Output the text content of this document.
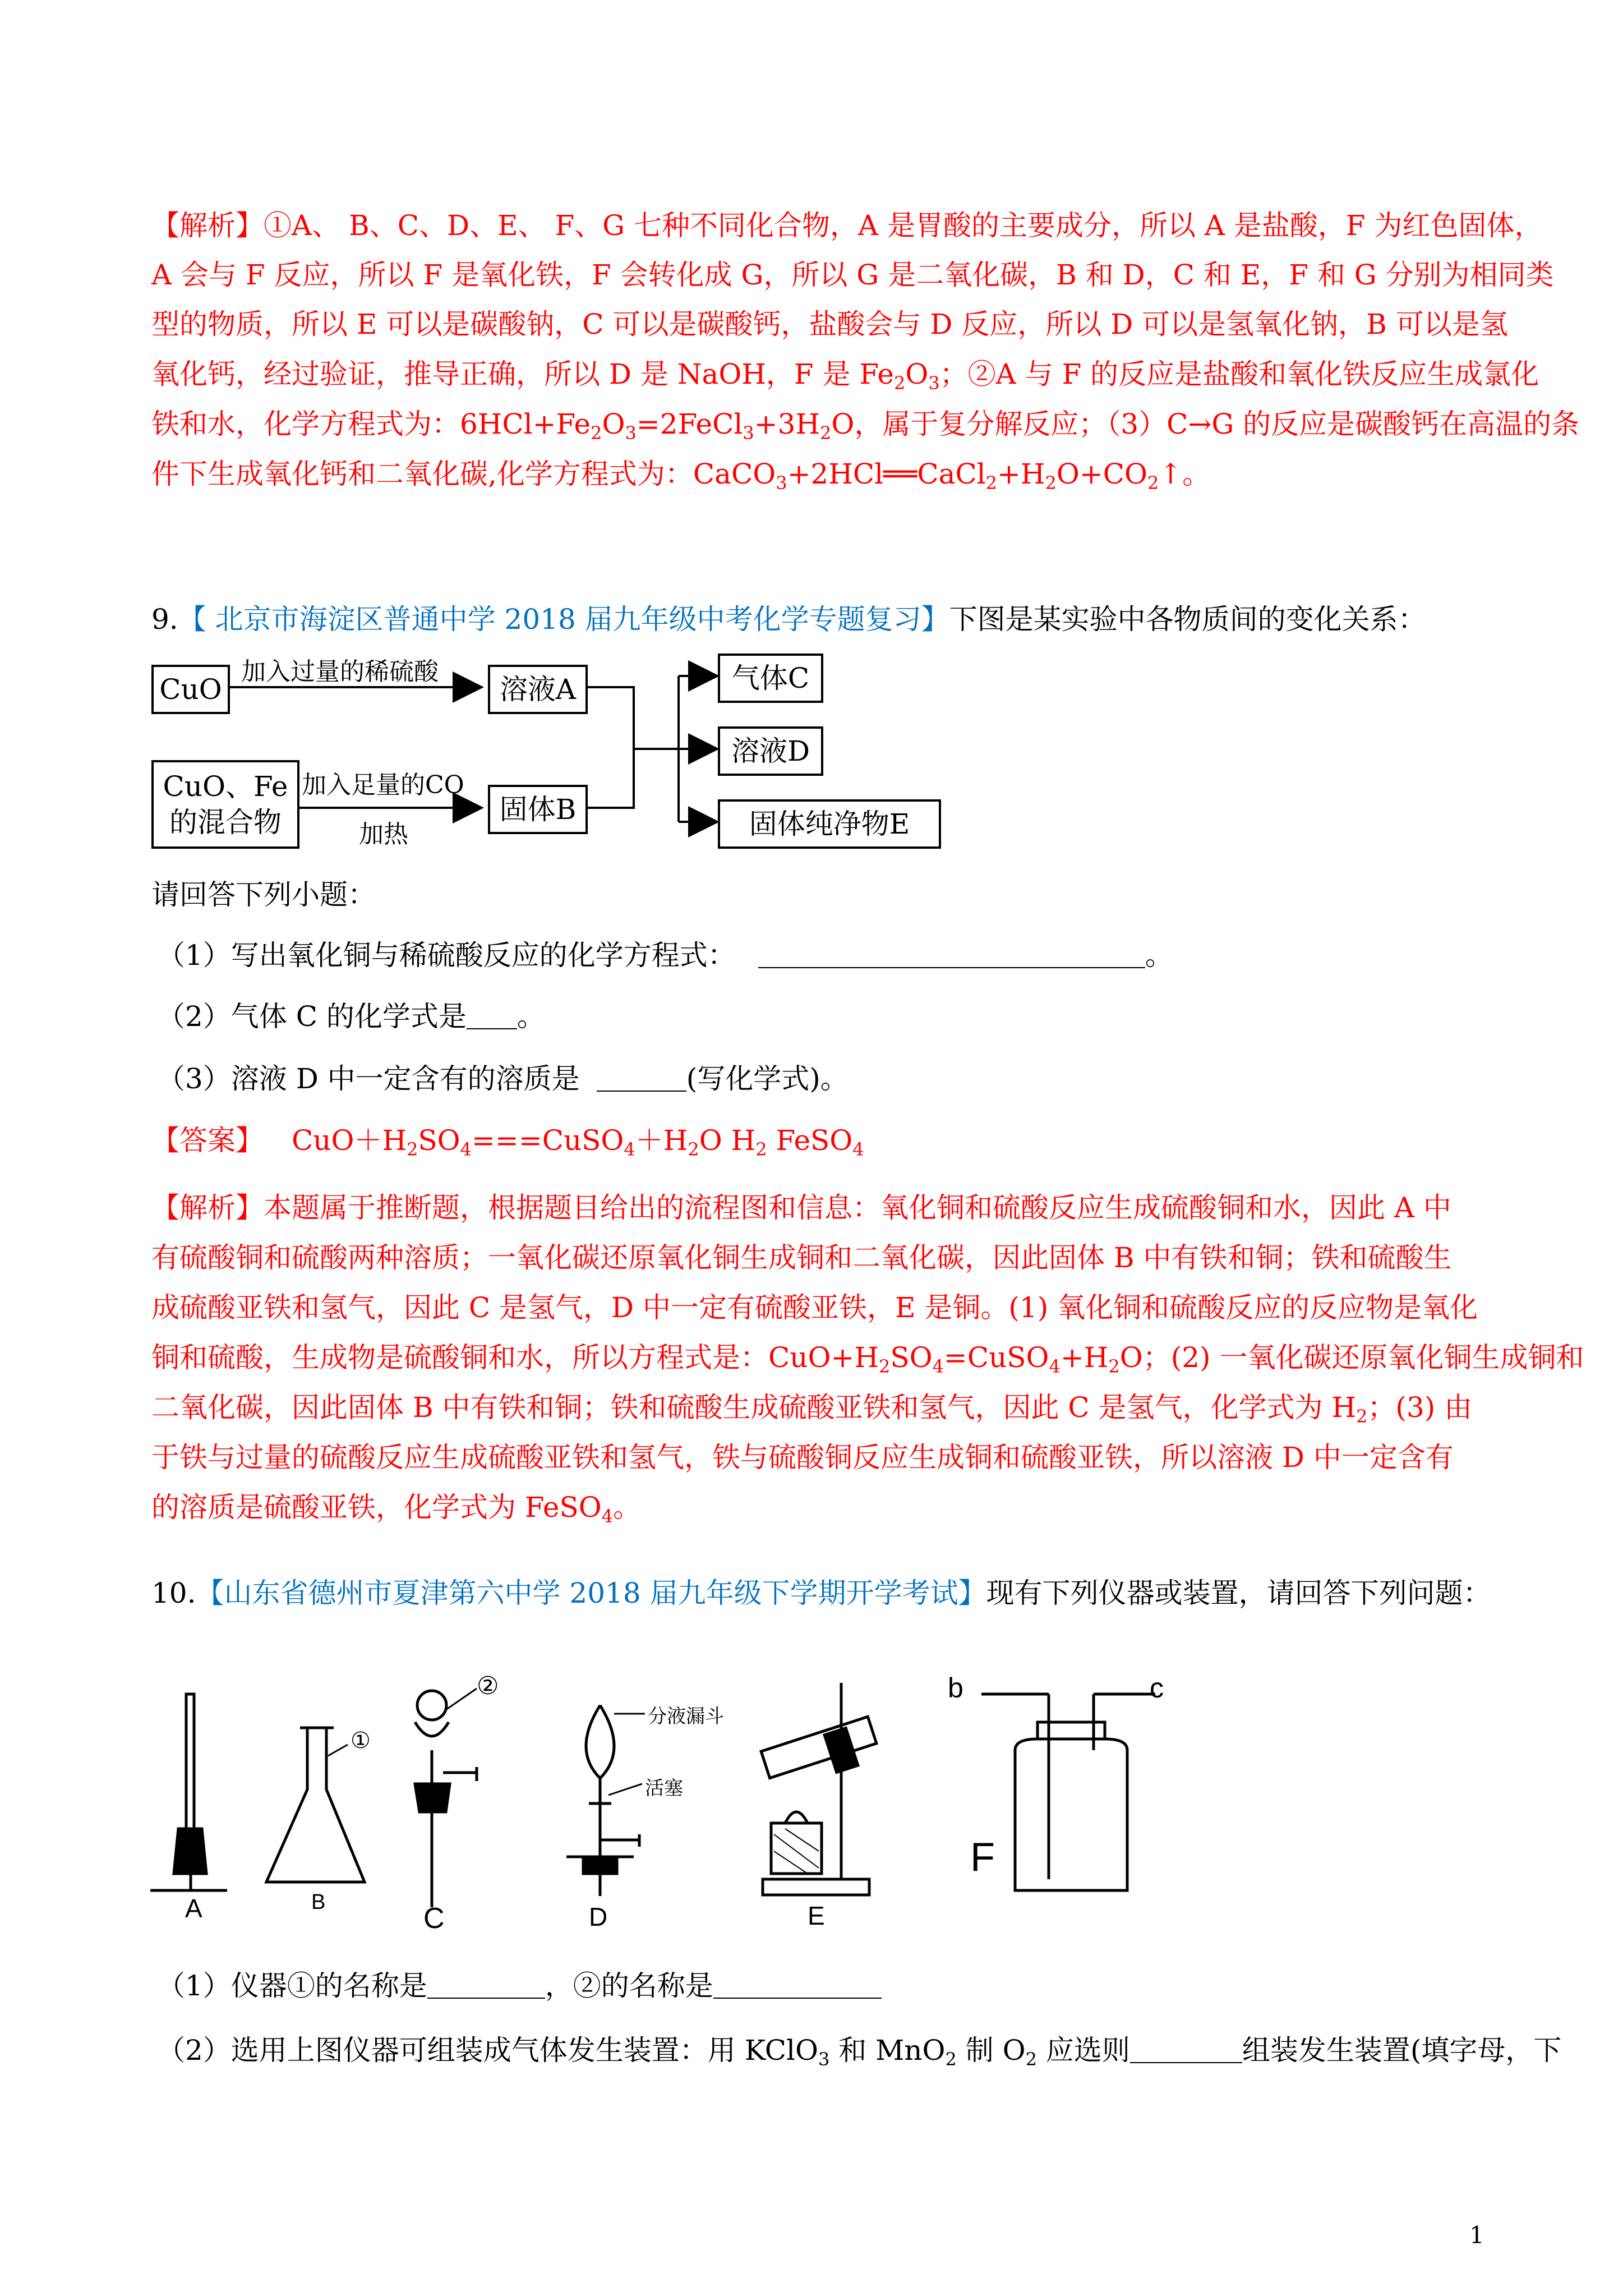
【解析】①A、 B、C、D、E、 F、G 七种不同化合物，A 是胃酸的主要成分，所以 A 是盐酸，F 为红色固体，
A 会与 F 反应，所以 F 是氧化铁，F 会转化成 G，所以 G 是二氧化碳，B 和 D，C 和 E，F 和 G 分别为相同类
型的物质，所以 E 可以是碳酸钠，C 可以是碳酸钙，盐酸会与 D 反应，所以 D 可以是氢氧化钠，B 可以是氢
氧化钙，经过验证，推导正确，所以 D 是 NaOH，F 是 $Fe_2O_3$；②A 与 F 的反应是盐酸和氧化铁反应生成氯化
铁和水，化学方程式为：$6HCl+Fe_2O_3=2FeCl_3+3H_2O$，属于复分解反应；（3）C→G 的反应是碳酸钙在高温的条
件下生成氧化钙和二氧化碳,化学方程式为：$CaCO_3+2HCl══CaCl_2+H_2O+CO_2↑$。
9.【 北京市海淀区普通中学 2018 届九年级中考化学专题复习】下图是某实验中各物质间的变化关系：
CuO
加入过量的稀硫酸
溶液A
CuO、Fe
的混合物
加入足量的CO
加热
固体B
气体C
溶液D
固体纯净物E
请回答下列小题：
（1）写出氧化铜与稀硫酸反应的化学方程式：	。
（2）气体 C 的化学式是 。
（3）溶液 D 中一定含有的溶质是	(写化学式)。
【答案】 $CuO+H_2SO_4===CuSO_4+H_2O$ $H_2$ FeSO$_4$
【解析】本题属于推断题，根据题目给出的流程图和信息：氧化铜和硫酸反应生成硫酸铜和水，因此 A 中
有硫酸铜和硫酸两种溶质；一氧化碳还原氧化铜生成铜和二氧化碳，因此固体 B 中有铁和铜；铁和硫酸生
成硫酸亚铁和氢气，因此 C 是氢气，D 中一定有硫酸亚铁，E 是铜。(1) 氧化铜和硫酸反应的反应物是氧化
铜和硫酸，生成物是硫酸铜和水，所以方程式是：$CuO+H_2SO_4=CuSO_4+H_2O$；(2) 一氧化碳还原氧化铜生成铜和
二氧化碳，因此固体 B 中有铁和铜；铁和硫酸生成硫酸亚铁和氢气，因此 C 是氢气，化学式为 $H_2$；(3) 由
于铁与过量的硫酸反应生成硫酸亚铁和氢气，铁与硫酸铜反应生成铜和硫酸亚铁，所以溶液 D 中一定含有
的溶质是硫酸亚铁，化学式为 FeSO$_4$。
10.【山东省德州市夏津第六中学 2018 届九年级下学期开学考试】现有下列仪器或装置，请回答下列问题：
A	B	C	D	E
F
①
②
分液漏斗
活塞
b	c
（1）仪器①的名称是	，②的名称是
（2）选用上图仪器可组装成气体发生装置：用 KClO$_3$ 和 MnO$_2$ 制 $O_2$ 应选则	组装发生装置(填字母，下
1
